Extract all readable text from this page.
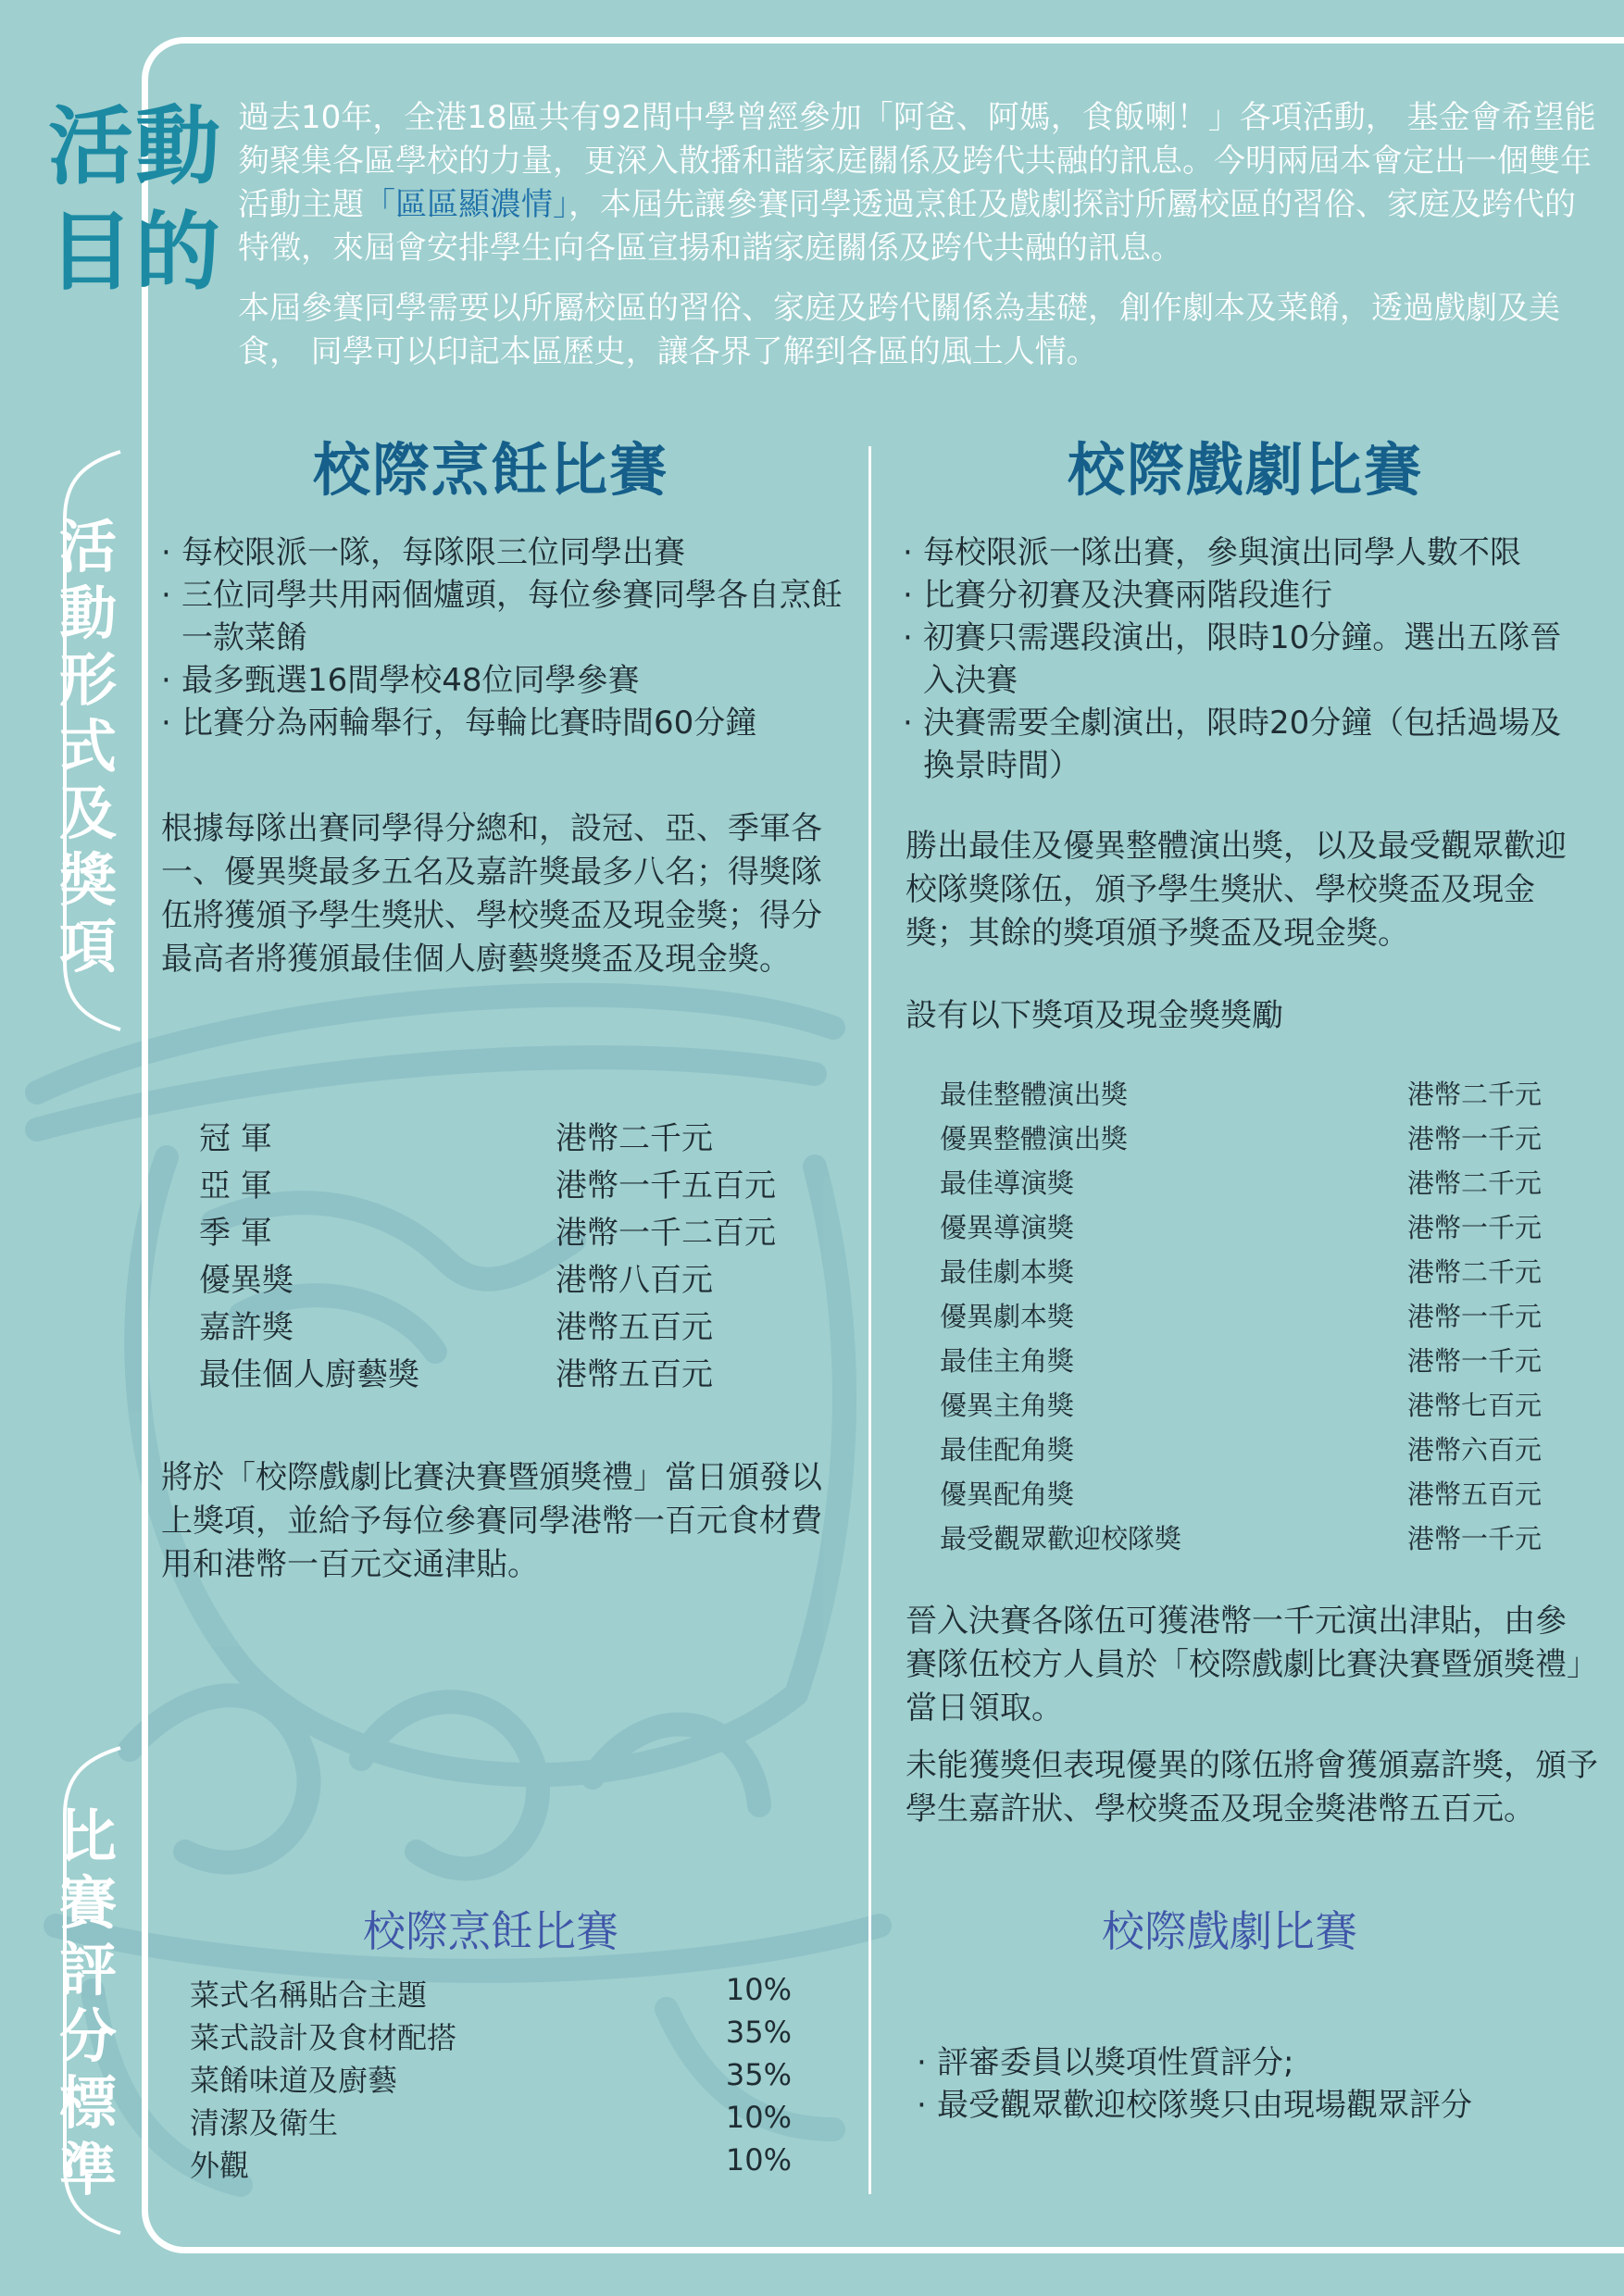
活動
目的
過去10年，全港18區共有92間中學曾經參加「阿爸、阿媽，食飯喇！」各項活動， 基金會希望能夠聚集各區學校的力量，更深入散播和諧家庭關係及跨代共融的訊息。今明兩屆本會定出一個雙年活動主題「區區顯濃情」，本屆先讓參賽同學透過烹飪及戲劇探討所屬校區的習俗、家庭及跨代的特徵，來屆會安排學生向各區宣揚和諧家庭關係及跨代共融的訊息。
本屆參賽同學需要以所屬校區的習俗、家庭及跨代關係為基礎，創作劇本及菜餚，透過戲劇及美食， 同學可以印記本區歷史，讓各界了解到各區的風土人情。
活動形式及獎項
比賽評分標準
校際烹飪比賽	校際戲劇比賽
· 每校限派一隊，每隊限三位同學出賽
· 三位同學共用兩個爐頭，每位參賽同學各自烹飪一款菜餚
· 最多甄選16間學校48位同學參賽
· 比賽分為兩輪舉行，每輪比賽時間60分鐘
根據每隊出賽同學得分總和，設冠、亞、季軍各一、優異獎最多五名及嘉許獎最多八名；得獎隊伍將獲頒予學生獎狀、學校獎盃及現金獎；得分最高者將獲頒最佳個人廚藝獎獎盃及現金獎。
冠 軍	港幣二千元
亞 軍	港幣一千五百元
季 軍	港幣一千二百元
優異獎	港幣八百元
嘉許獎	港幣五百元
最佳個人廚藝獎	港幣五百元
將於「校際戲劇比賽決賽暨頒獎禮」當日頒發以上獎項，並給予每位參賽同學港幣一百元食材費用和港幣一百元交通津貼。
· 每校限派一隊出賽，參與演出同學人數不限
· 比賽分初賽及決賽兩階段進行
· 初賽只需選段演出，限時10分鐘。選出五隊晉入決賽
· 決賽需要全劇演出，限時20分鐘（包括過場及換景時間）
勝出最佳及優異整體演出獎，以及最受觀眾歡迎校隊獎隊伍，頒予學生獎狀、學校獎盃及現金獎；其餘的獎項頒予獎盃及現金獎。
設有以下獎項及現金獎獎勵
最佳整體演出獎	港幣二千元
優異整體演出獎	港幣一千元
最佳導演獎	港幣二千元
優異導演獎	港幣一千元
最佳劇本獎	港幣二千元
優異劇本獎	港幣一千元
最佳主角獎	港幣一千元
優異主角獎	港幣七百元
最佳配角獎	港幣六百元
優異配角獎	港幣五百元
最受觀眾歡迎校隊獎	港幣一千元
晉入決賽各隊伍可獲港幣一千元演出津貼，由參賽隊伍校方人員於「校際戲劇比賽決賽暨頒獎禮」當日領取。
未能獲獎但表現優異的隊伍將會獲頒嘉許獎，頒予學生嘉許狀、學校獎盃及現金獎港幣五百元。
校際烹飪比賽
菜式名稱貼合主題	10%
菜式設計及食材配搭	35%
菜餚味道及廚藝	35%
清潔及衛生	10%
外觀	10%
校際戲劇比賽
· 評審委員以獎項性質評分;
· 最受觀眾歡迎校隊獎只由現場觀眾評分
